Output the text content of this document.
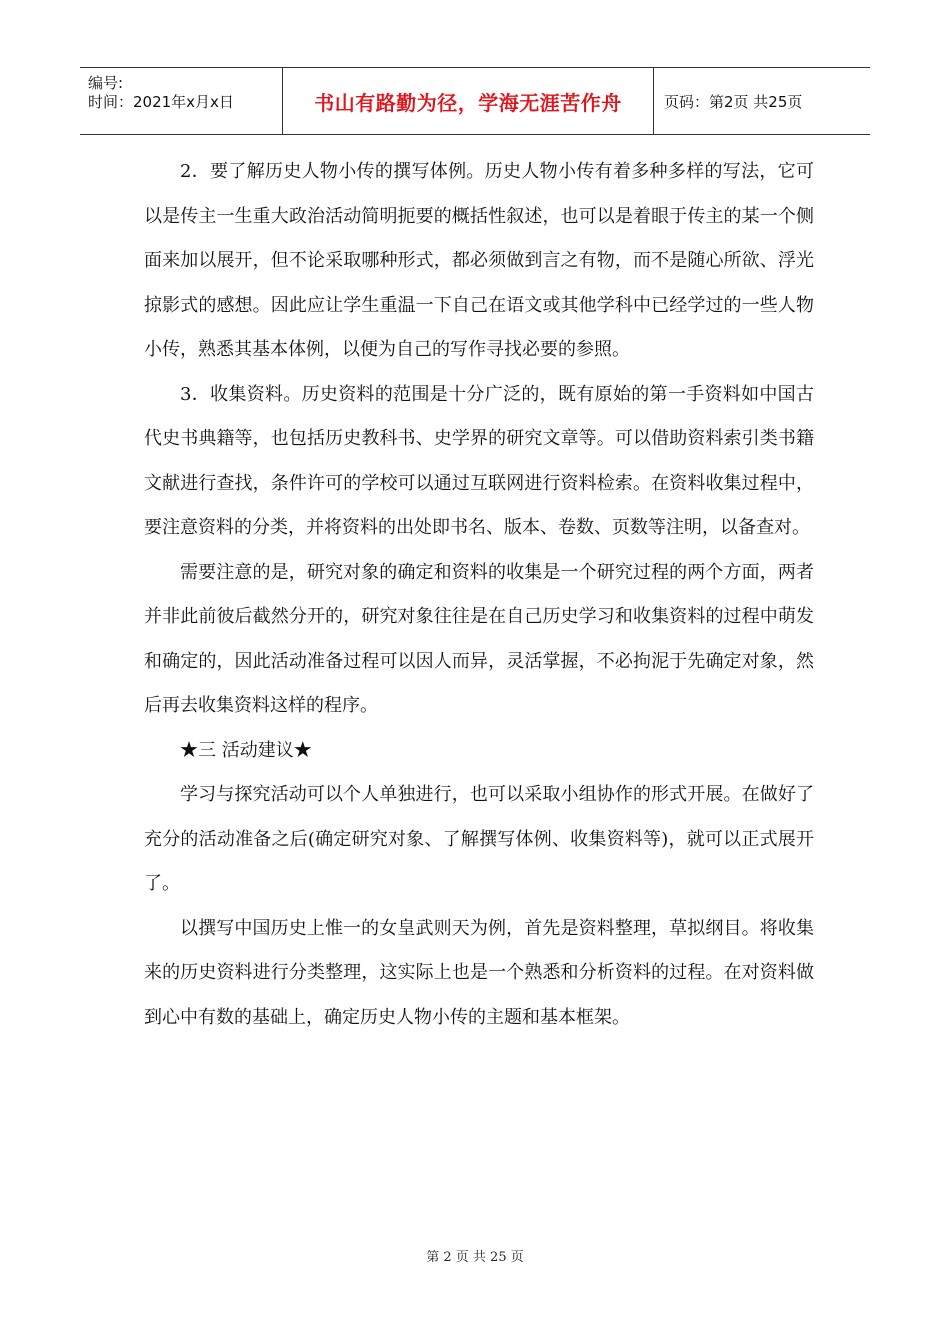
编号:
时间：2021年x月x日	书山有路勤为径，学海无涯苦作舟	页码：第2页 共25页

2．要了解历史人物小传的撰写体例。历史人物小传有着多种多样的写法，它可以是传主一生重大政治活动简明扼要的概括性叙述，也可以是着眼于传主的某一个侧面来加以展开，但不论采取哪种形式，都必须做到言之有物，而不是随心所欲、浮光掠影式的感想。因此应让学生重温一下自己在语文或其他学科中已经学过的一些人物小传，熟悉其基本体例，以便为自己的写作寻找必要的参照。

3．收集资料。历史资料的范围是十分广泛的，既有原始的第一手资料如中国古代史书典籍等，也包括历史教科书、史学界的研究文章等。可以借助资料索引类书籍文献进行查找，条件许可的学校可以通过互联网进行资料检索。在资料收集过程中，要注意资料的分类，并将资料的出处即书名、版本、卷数、页数等注明，以备查对。

需要注意的是，研究对象的确定和资料的收集是一个研究过程的两个方面，两者并非此前彼后截然分开的，研究对象往往是在自己历史学习和收集资料的过程中萌发和确定的，因此活动准备过程可以因人而异，灵活掌握，不必拘泥于先确定对象，然后再去收集资料这样的程序。

★三 活动建议★

学习与探究活动可以个人单独进行，也可以采取小组协作的形式开展。在做好了充分的活动准备之后(确定研究对象、了解撰写体例、收集资料等)，就可以正式展开了。

以撰写中国历史上惟一的女皇武则天为例，首先是资料整理，草拟纲目。将收集来的历史资料进行分类整理，这实际上也是一个熟悉和分析资料的过程。在对资料做到心中有数的基础上，确定历史人物小传的主题和基本框架。

第 2 页 共 25 页
